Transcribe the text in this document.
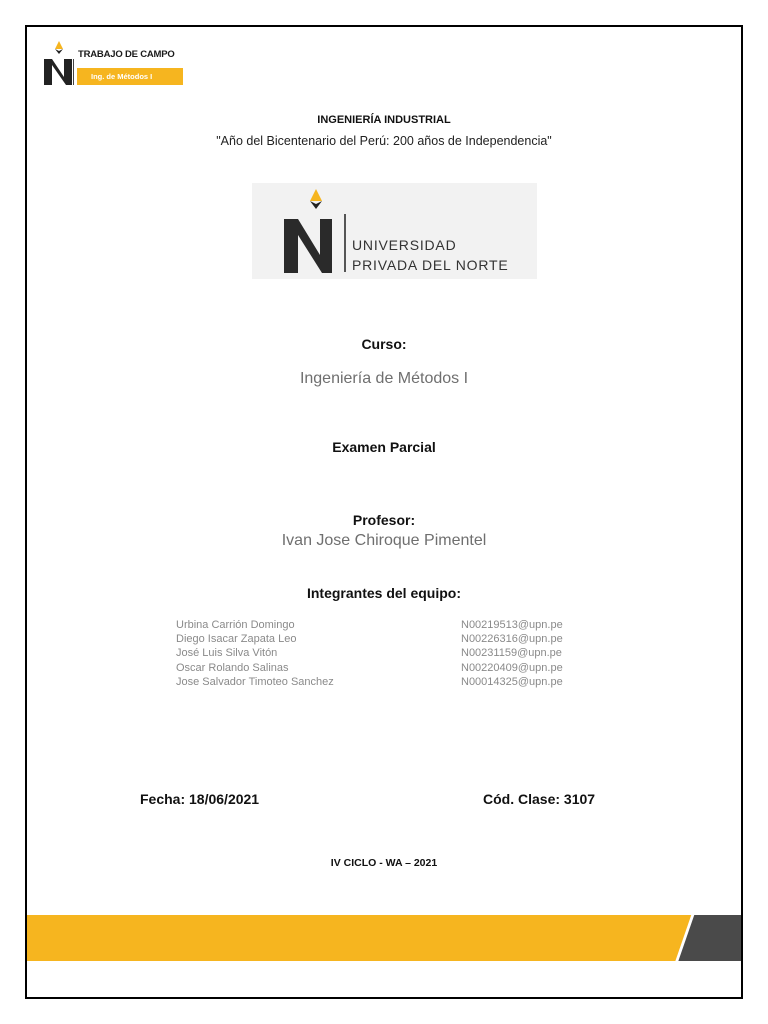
TRABAJO DE CAMPO
Ing. de Métodos I
INGENIERÍA INDUSTRIAL
"Año del Bicentenario del Perú: 200 años de Independencia"
UNIVERSIDAD
PRIVADA DEL NORTE
Curso:
Ingeniería de Métodos I
Examen Parcial
Profesor:
Ivan Jose Chiroque Pimentel
Integrantes del equipo:
Urbina Carrión Domingo	N00219513@upn.pe
Diego Isacar Zapata Leo	N00226316@upn.pe
José Luis Silva Vitón	N00231159@upn.pe
Oscar Rolando Salinas	N00220409@upn.pe
Jose Salvador Timoteo Sanchez	N00014325@upn.pe
Fecha: 18/06/2021	Cód. Clase: 3107
IV CICLO - WA – 2021
